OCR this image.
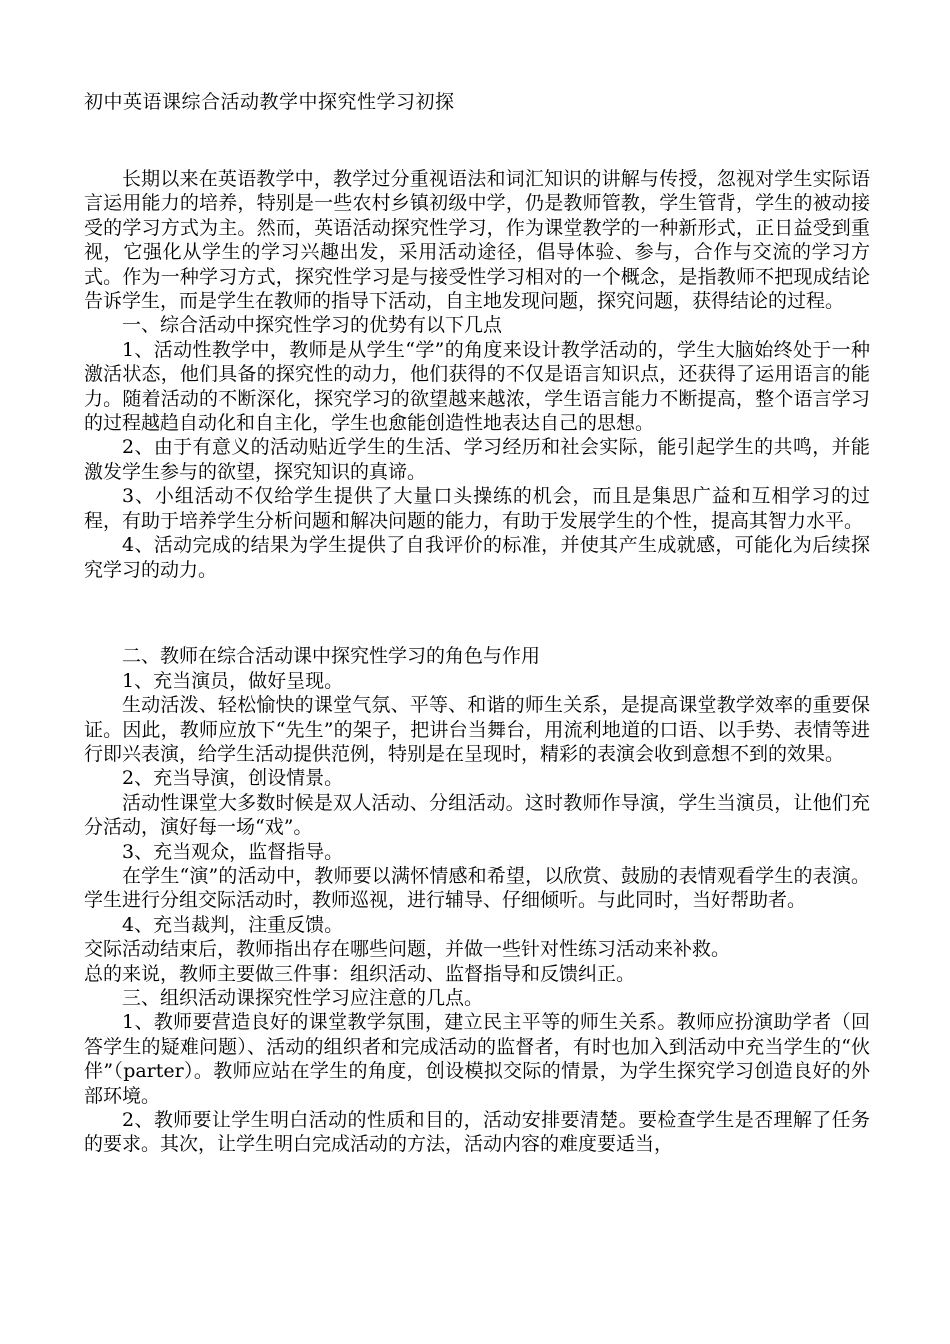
初中英语课综合活动教学中探究性学习初探

长期以来在英语教学中，教学过分重视语法和词汇知识的讲解与传授，忽视对学生实际语言运用能力的培养，特别是一些农村乡镇初级中学，仍是教师管教，学生管背，学生的被动接受的学习方式为主。然而，英语活动探究性学习，作为课堂教学的一种新形式，正日益受到重视，它强化从学生的学习兴趣出发，采用活动途径，倡导体验、参与，合作与交流的学习方式。作为一种学习方式，探究性学习是与接受性学习相对的一个概念，是指教师不把现成结论告诉学生，而是学生在教师的指导下活动，自主地发现问题，探究问题，获得结论的过程。

一、综合活动中探究性学习的优势有以下几点

1、活动性教学中，教师是从学生“学”的角度来设计教学活动的，学生大脑始终处于一种激活状态，他们具备的探究性的动力，他们获得的不仅是语言知识点，还获得了运用语言的能力。随着活动的不断深化，探究学习的欲望越来越浓，学生语言能力不断提高，整个语言学习的过程越趋自动化和自主化，学生也愈能创造性地表达自己的思想。

2、由于有意义的活动贴近学生的生活、学习经历和社会实际，能引起学生的共鸣，并能激发学生参与的欲望，探究知识的真谛。

3、小组活动不仅给学生提供了大量口头操练的机会，而且是集思广益和互相学习的过程，有助于培养学生分析问题和解决问题的能力，有助于发展学生的个性，提高其智力水平。

4、活动完成的结果为学生提供了自我评价的标准，并使其产生成就感，可能化为后续探究学习的动力。

二、教师在综合活动课中探究性学习的角色与作用

1、充当演员，做好呈现。

生动活泼、轻松愉快的课堂气氛、平等、和谐的师生关系，是提高课堂教学效率的重要保证。因此，教师应放下“先生”的架子，把讲台当舞台，用流利地道的口语、以手势、表情等进行即兴表演，给学生活动提供范例，特别是在呈现时，精彩的表演会收到意想不到的效果。

2、充当导演，创设情景。

活动性课堂大多数时候是双人活动、分组活动。这时教师作导演，学生当演员，让他们充分活动，演好每一场“戏”。

3、充当观众，监督指导。

在学生“演”的活动中，教师要以满怀情感和希望，以欣赏、鼓励的表情观看学生的表演。学生进行分组交际活动时，教师巡视，进行辅导、仔细倾听。与此同时，当好帮助者。

4、充当裁判，注重反馈。

交际活动结束后，教师指出存在哪些问题，并做一些针对性练习活动来补救。

总的来说，教师主要做三件事：组织活动、监督指导和反馈纠正。

三、组织活动课探究性学习应注意的几点。

1、教师要营造良好的课堂教学氛围，建立民主平等的师生关系。教师应扮演助学者（回答学生的疑难问题）、活动的组织者和完成活动的监督者，有时也加入到活动中充当学生的“伙伴”（parter）。教师应站在学生的角度，创设模拟交际的情景，为学生探究学习创造良好的外部环境。

2、教师要让学生明白活动的性质和目的，活动安排要清楚。要检查学生是否理解了任务的要求。其次，让学生明白完成活动的方法，活动内容的难度要适当，
